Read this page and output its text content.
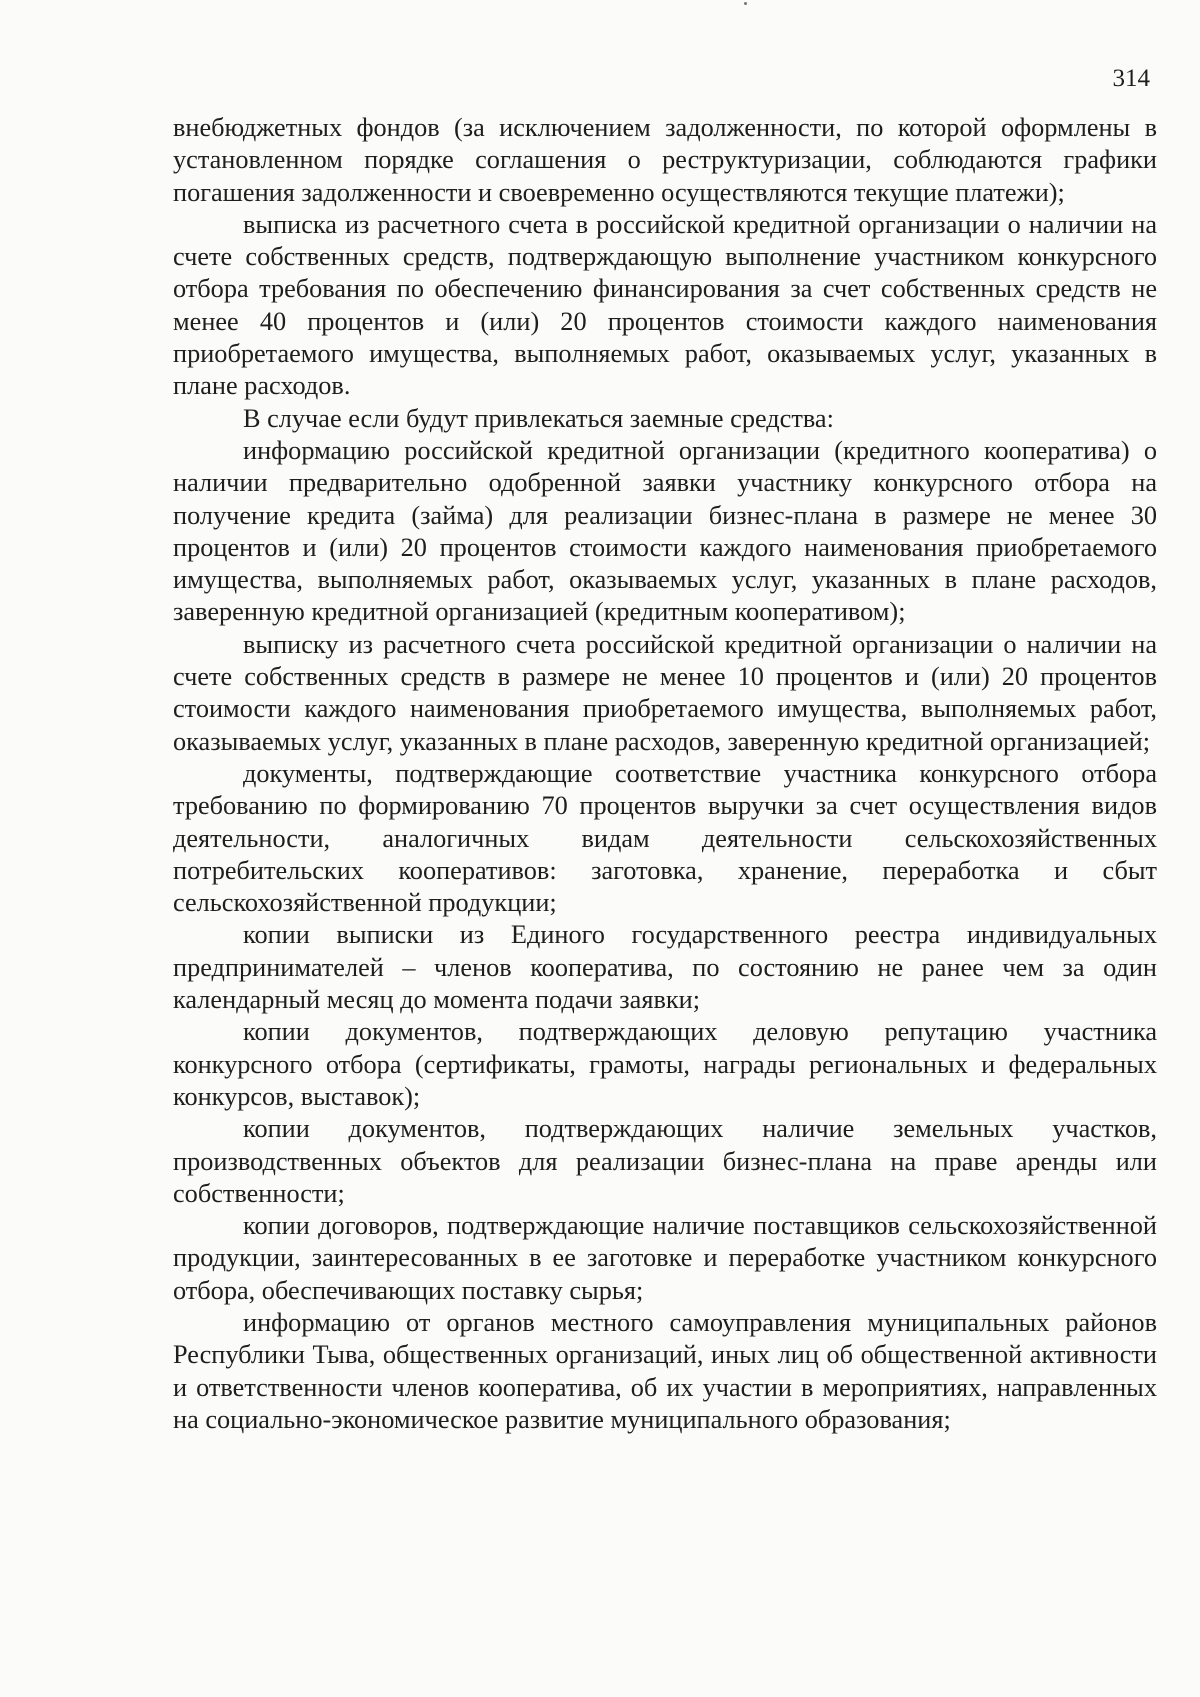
314

внебюджетных фондов (за исключением задолженности, по которой оформлены в установленном порядке соглашения о реструктуризации, соблюдаются графики погашения задолженности и своевременно осуществляются текущие платежи);

выписка из расчетного счета в российской кредитной организации о наличии на счете собственных средств, подтверждающую выполнение участником конкурсного отбора требования по обеспечению финансирования за счет собственных средств не менее 40 процентов и (или) 20 процентов стоимости каждого наименования приобретаемого имущества, выполняемых работ, оказываемых услуг, указанных в плане расходов.

В случае если будут привлекаться заемные средства:

информацию российской кредитной организации (кредитного кооператива) о наличии предварительно одобренной заявки участнику конкурсного отбора на получение кредита (займа) для реализации бизнес-плана в размере не менее 30 процентов и (или) 20 процентов стоимости каждого наименования приобретаемого имущества, выполняемых работ, оказываемых услуг, указанных в плане расходов, заверенную кредитной организацией (кредитным кооперативом);

выписку из расчетного счета российской кредитной организации о наличии на счете собственных средств в размере не менее 10 процентов и (или) 20 процентов стоимости каждого наименования приобретаемого имущества, выполняемых работ, оказываемых услуг, указанных в плане расходов, заверенную кредитной организацией;

документы, подтверждающие соответствие участника конкурсного отбора требованию по формированию 70 процентов выручки за счет осуществления видов деятельности, аналогичных видам деятельности сельскохозяйственных потребительских кооперативов: заготовка, хранение, переработка и сбыт сельскохозяйственной продукции;

копии выписки из Единого государственного реестра индивидуальных предпринимателей – членов кооператива, по состоянию не ранее чем за один календарный месяц до момента подачи заявки;

копии документов, подтверждающих деловую репутацию участника конкурсного отбора (сертификаты, грамоты, награды региональных и федеральных конкурсов, выставок);

копии документов, подтверждающих наличие земельных участков, производственных объектов для реализации бизнес-плана на праве аренды или собственности;

копии договоров, подтверждающие наличие поставщиков сельскохозяйственной продукции, заинтересованных в ее заготовке и переработке участником конкурсного отбора, обеспечивающих поставку сырья;

информацию от органов местного самоуправления муниципальных районов Республики Тыва, общественных организаций, иных лиц об общественной активности и ответственности членов кооператива, об их участии в мероприятиях, направленных на социально-экономическое развитие муниципального образования;
